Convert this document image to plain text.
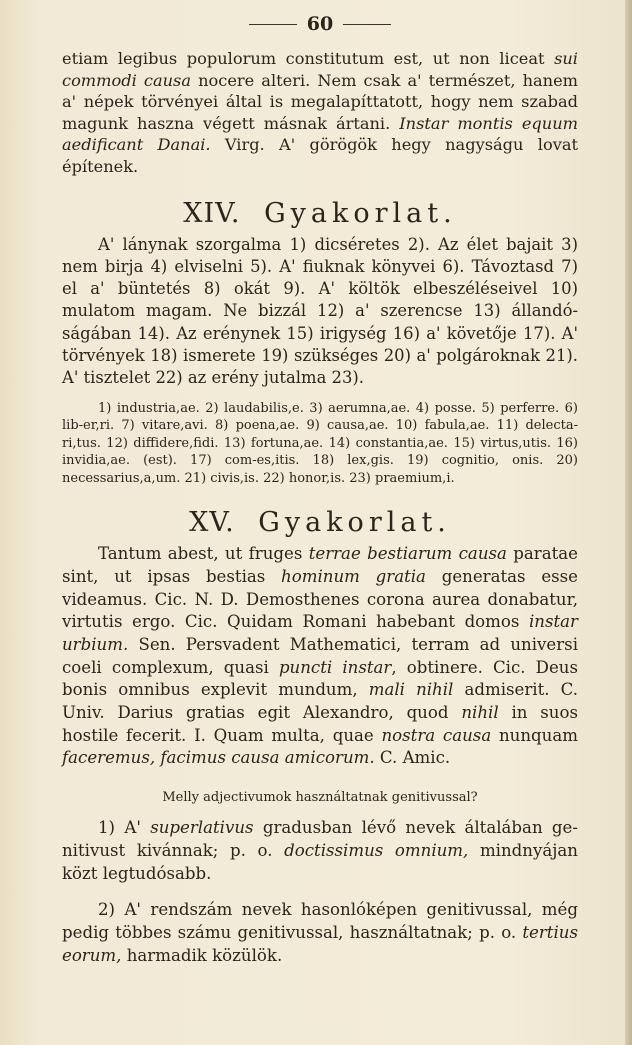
60

etiam legibus populorum constitutum est, ut non liceat sui commodi causa nocere alteri. Nem csak a' természet, hanem a' népek törvényei által is megalapíttatott, hogy nem szabad magunk haszna végett másnak ártani. Instar montis equum aedificant Danai. Virg. A' görögök hegy nagyságu lovat építenek.

XIV. Gyakorlat.

A' lánynak szorgalma 1) dicséretes 2). Az élet bajait 3) nem birja 4) elviselni 5). A' fiuknak könyvei 6). Távoztasd 7) el a' büntetés 8) okát 9). A' költök elbeszéléseivel 10) mulatom magam. Ne bizzál 12) a' szerencse 13) állandóságában 14). Az erénynek 15) irigység 16) a' követője 17). A' törvények 18) ismerete 19) szükséges 20) a' polgároknak 21). A' tisztelet 22) az erény jutalma 23).

1) industria,ae. 2) laudabilis,e. 3) aerumna,ae. 4) posse. 5) perferre. 6) lib-er,ri. 7) vitare,avi. 8) poena,ae. 9) causa,ae. 10) fabula,ae. 11) delecta-ri,tus. 12) diffidere,fidi. 13) fortuna,ae. 14) constantia,ae. 15) virtus,utis. 16) invidia,ae. (est). 17) com-es,itis. 18) lex,gis. 19) cognitio, onis. 20) necessarius,a,um. 21) civis,is. 22) honor,is. 23) praemium,i.

XV. Gyakorlat.

Tantum abest, ut fruges terrae bestiarum causa paratae sint, ut ipsas bestias hominum gratia generatas esse videamus. Cic. N. D. Demosthenes corona aurea donabatur, virtutis ergo. Cic. Quidam Romani habebant domos instar urbium. Sen. Persvadent Mathematici, terram ad universi coeli complexum, quasi puncti instar, obtinere. Cic. Deus bonis omnibus explevit mundum, mali nihil admiserit. C. Univ. Darius gratias egit Alexandro, quod nihil in suos hostile fecerit. I. Quam multa, quae nostra causa nunquam faceremus, facimus causa amicorum. C. Amic.

Melly adjectivumok használtatnak genitivussal?

1) A' superlativus gradusban lévő nevek általában genitivust kivánnak; p. o. doctissimus omnium, mindnyájan közt legtudósabb.

2) A' rendszám nevek hasonlóképen genitivussal, még pedig többes számu genitivussal, használtatnak; p. o. tertius eorum, harmadik közülök.
